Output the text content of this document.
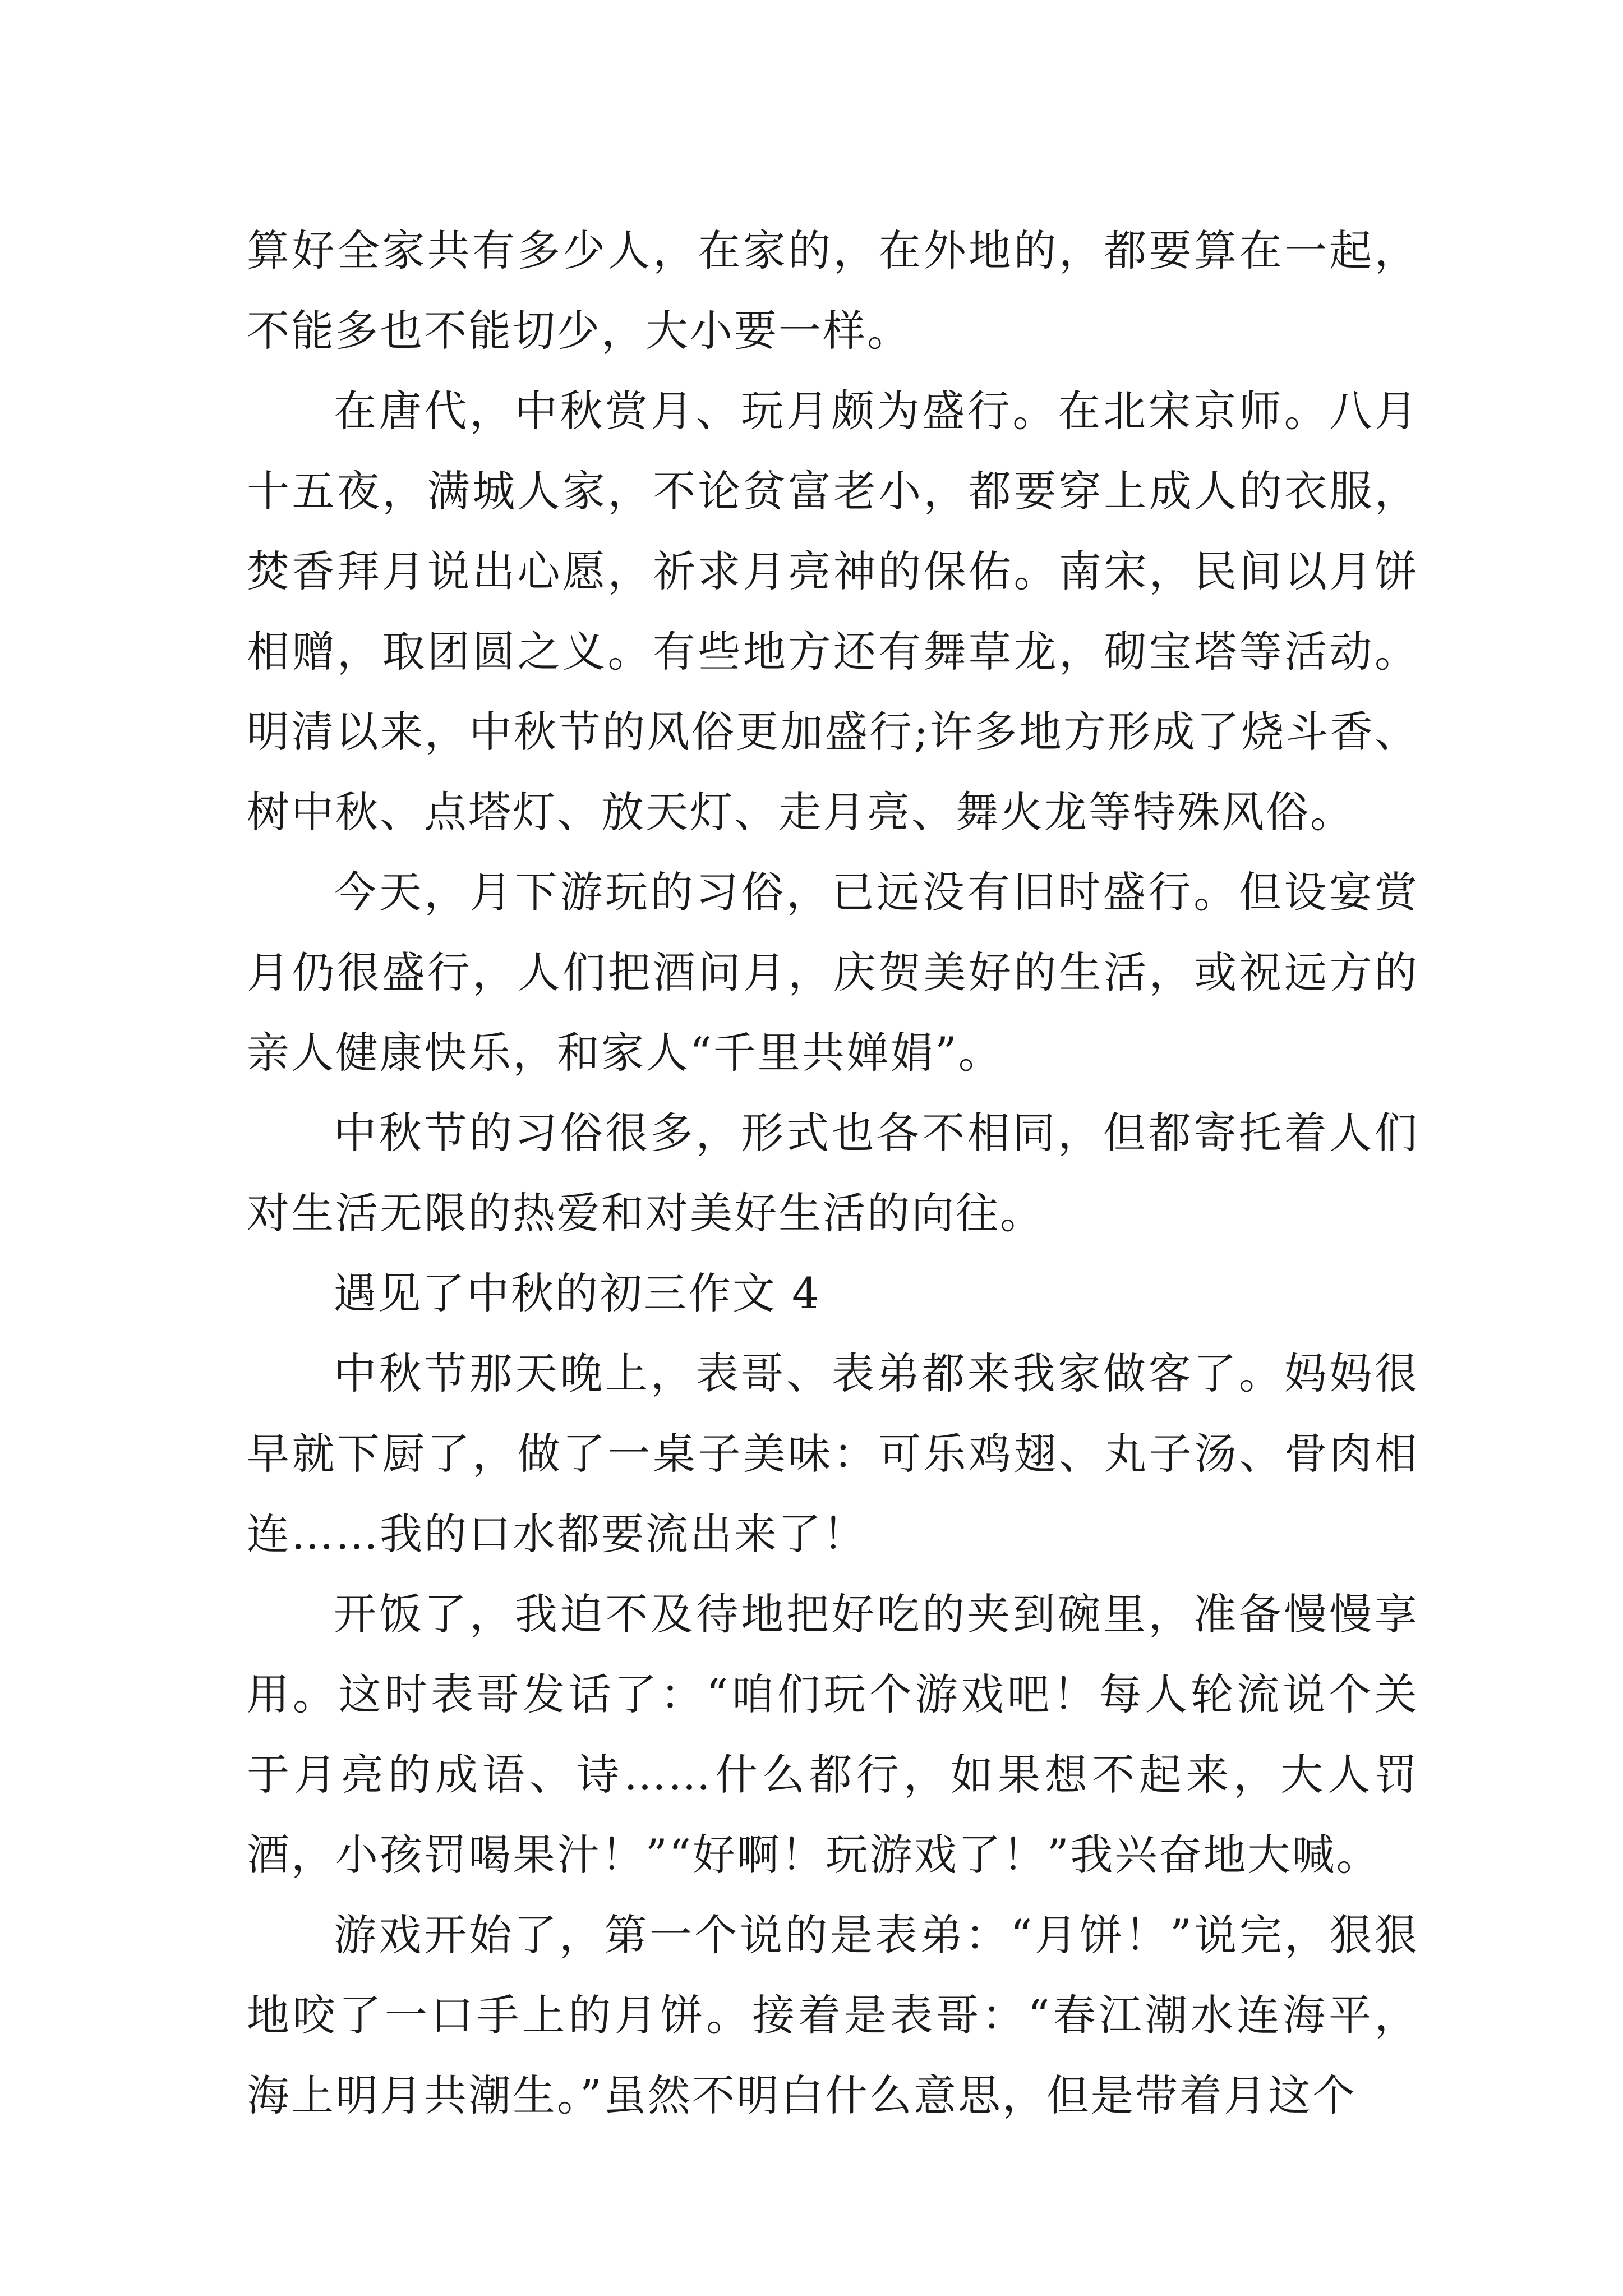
算好全家共有多少人，在家的，在外地的，都要算在一起，不能多也不能切少，大小要一样。

在唐代，中秋赏月、玩月颇为盛行。在北宋京师。八月十五夜，满城人家，不论贫富老小，都要穿上成人的衣服，焚香拜月说出心愿，祈求月亮神的保佑。南宋，民间以月饼相赠，取团圆之义。有些地方还有舞草龙，砌宝塔等活动。明清以来，中秋节的风俗更加盛行;许多地方形成了烧斗香、树中秋、点塔灯、放天灯、走月亮、舞火龙等特殊风俗。

今天，月下游玩的习俗，已远没有旧时盛行。但设宴赏月仍很盛行，人们把酒问月，庆贺美好的生活，或祝远方的亲人健康快乐，和家人“千里共婵娟”。

中秋节的习俗很多，形式也各不相同，但都寄托着人们对生活无限的热爱和对美好生活的向往。

遇见了中秋的初三作文 4

中秋节那天晚上，表哥、表弟都来我家做客了。妈妈很早就下厨了，做了一桌子美味：可乐鸡翅、丸子汤、骨肉相连……我的口水都要流出来了！

开饭了，我迫不及待地把好吃的夹到碗里，准备慢慢享用。这时表哥发话了：“咱们玩个游戏吧！每人轮流说个关于月亮的成语、诗……什么都行，如果想不起来，大人罚酒，小孩罚喝果汁！”“好啊！玩游戏了！”我兴奋地大喊。

游戏开始了，第一个说的是表弟：“月饼！”说完，狠狠地咬了一口手上的月饼。接着是表哥：“春江潮水连海平，海上明月共潮生。”虽然不明白什么意思，但是带着月这个
